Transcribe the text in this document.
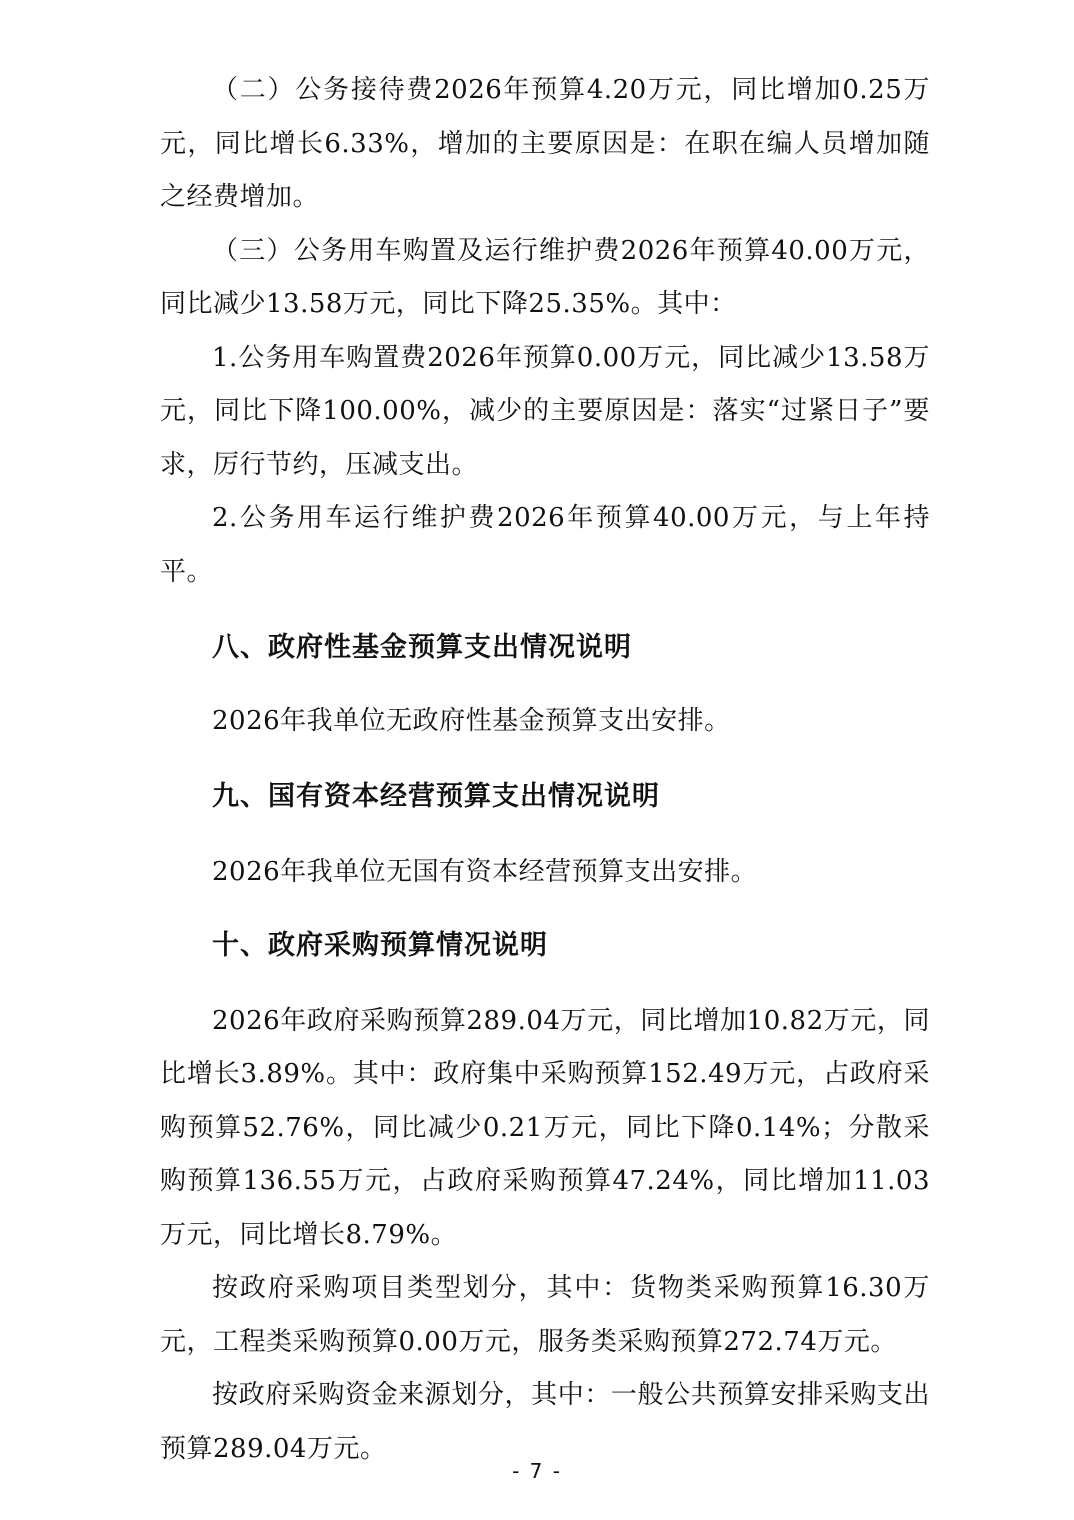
（二）公务接待费2026年预算4.20万元，同比增加0.25万元，同比增长6.33%，增加的主要原因是：在职在编人员增加随之经费增加。

（三）公务用车购置及运行维护费2026年预算40.00万元，同比减少13.58万元，同比下降25.35%。其中：

1.公务用车购置费2026年预算0.00万元，同比减少13.58万元，同比下降100.00%，减少的主要原因是：落实“过紧日子”要求，厉行节约，压减支出。

2.公务用车运行维护费2026年预算40.00万元，与上年持平。

八、政府性基金预算支出情况说明

2026年我单位无政府性基金预算支出安排。

九、国有资本经营预算支出情况说明

2026年我单位无国有资本经营预算支出安排。

十、政府采购预算情况说明

2026年政府采购预算289.04万元，同比增加10.82万元，同比增长3.89%。其中：政府集中采购预算152.49万元，占政府采购预算52.76%，同比减少0.21万元，同比下降0.14%；分散采购预算136.55万元，占政府采购预算47.24%，同比增加11.03万元，同比增长8.79%。

按政府采购项目类型划分，其中：货物类采购预算16.30万元，工程类采购预算0.00万元，服务类采购预算272.74万元。

按政府采购资金来源划分，其中：一般公共预算安排采购支出预算289.04万元。

- 7 -
